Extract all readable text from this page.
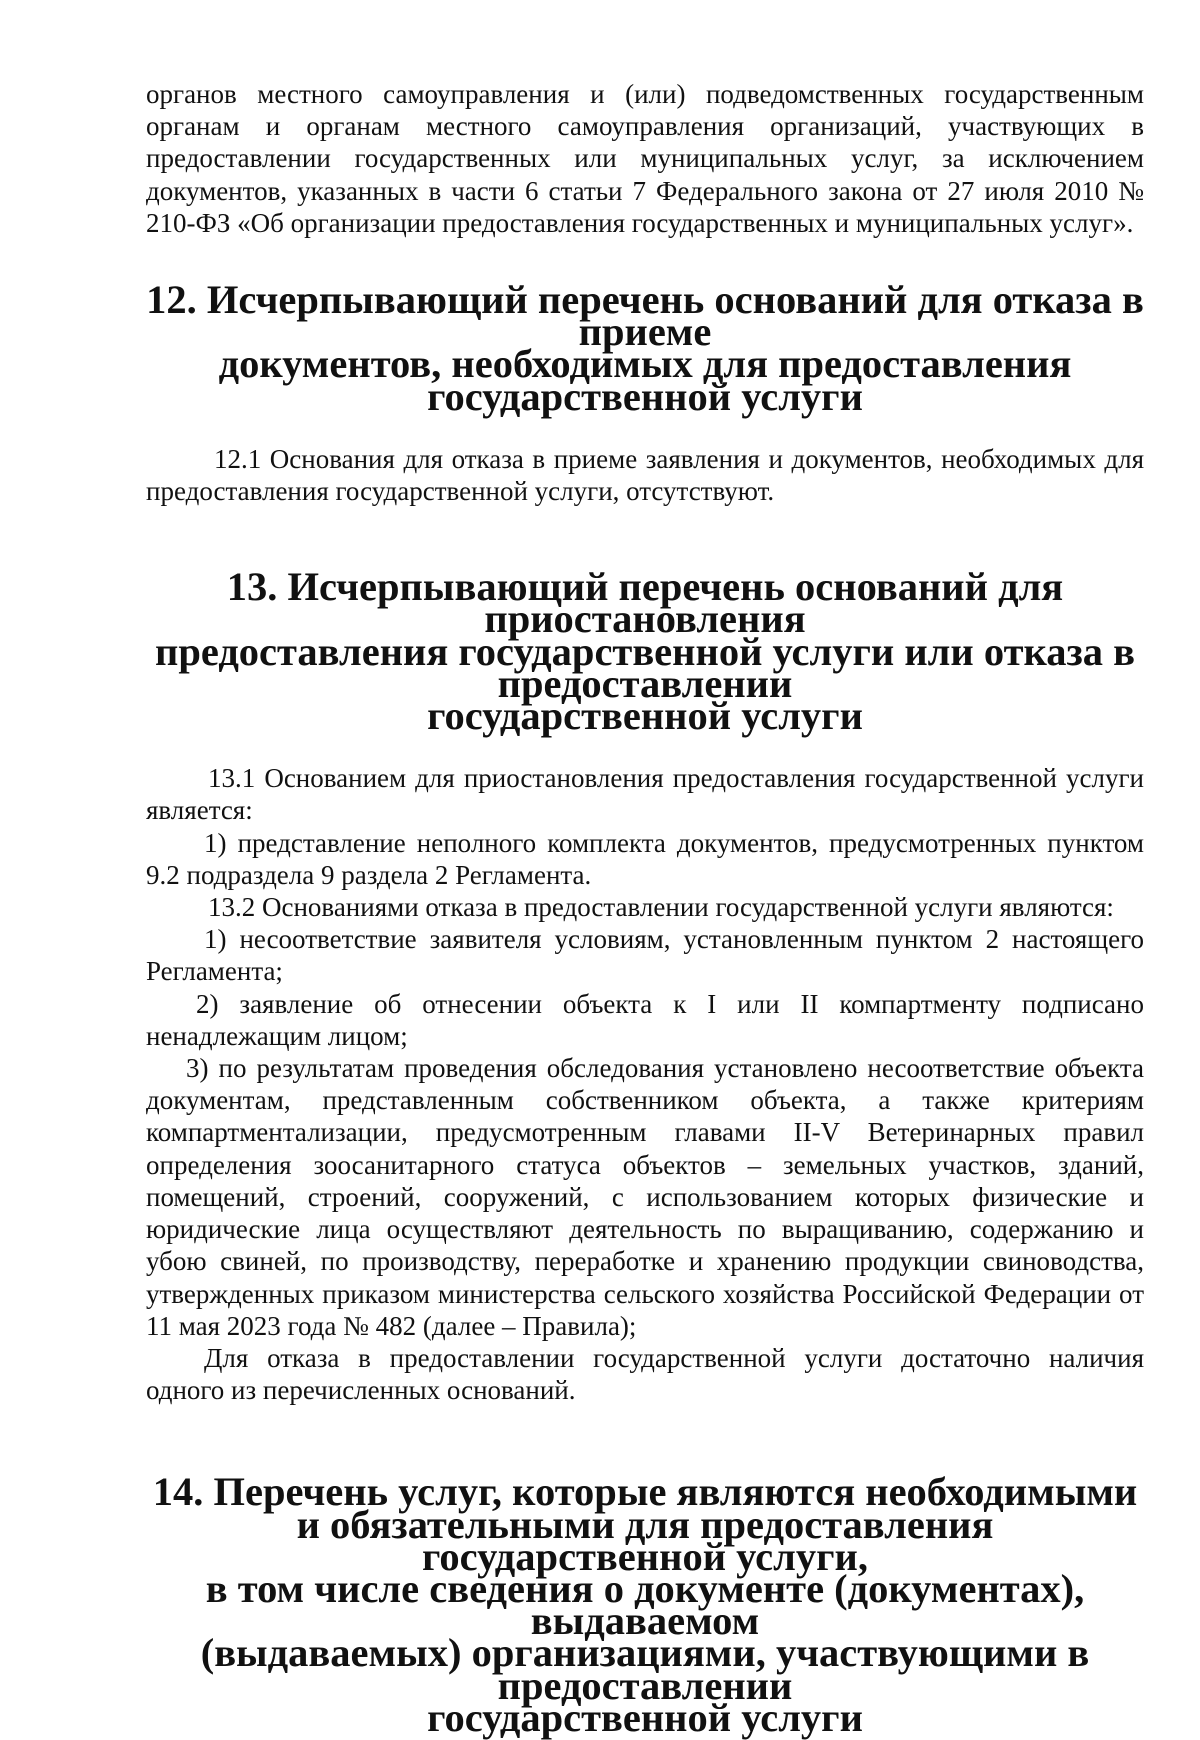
органов местного самоуправления и (или) подведомственных государственным органам и органам местного самоуправления организаций, участвующих в предоставлении государственных или муниципальных услуг, за исключением документов, указанных в части 6 статьи 7 Федерального закона от 27 июля 2010 № 210-ФЗ «Об организации предоставления государственных и муниципальных услуг».

12. Исчерпывающий перечень оснований для отказа в приеме
документов, необходимых для предоставления государственной услуги

12.1 Основания для отказа в приеме заявления и документов, необходимых для предоставления государственной услуги, отсутствуют.

13. Исчерпывающий перечень оснований для приостановления
предоставления государственной услуги или отказа в предоставлении
государственной услуги

13.1 Основанием для приостановления предоставления государственной услуги является:

1) представление неполного комплекта документов, предусмотренных пунктом 9.2 подраздела 9 раздела 2 Регламента.

13.2 Основаниями отказа в предоставлении государственной услуги являются:

1) несоответствие заявителя условиям, установленным пунктом 2 настоящего Регламента;

2) заявление об отнесении объекта к I или II компартменту подписано ненадлежащим лицом;

3) по результатам проведения обследования установлено несоответствие объекта документам, представленным собственником объекта, а также критериям компартментализации, предусмотренным главами II-V Ветеринарных правил определения зоосанитарного статуса объектов – земельных участков, зданий, помещений, строений, сооружений, с использованием которых физические и юридические лица осуществляют деятельность по выращиванию, содержанию и убою свиней, по производству, переработке и хранению продукции свиноводства, утвержденных приказом министерства сельского хозяйства Российской Федерации от 11 мая 2023 года № 482 (далее – Правила);

Для отказа в предоставлении государственной услуги достаточно наличия одного из перечисленных оснований.

14. Перечень услуг, которые являются необходимыми
и обязательными для предоставления государственной услуги,
в том числе сведения о документе (документах), выдаваемом
(выдаваемых) организациями, участвующими в предоставлении
государственной услуги
